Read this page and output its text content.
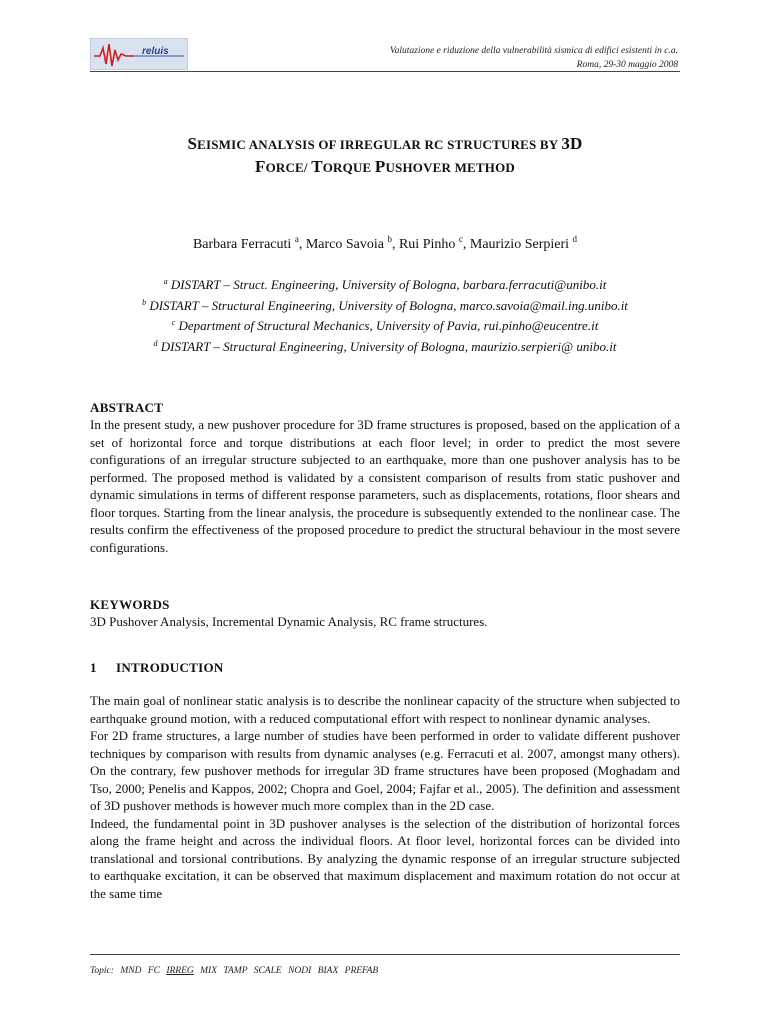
reluis	Valutazione e riduzione della vulnerabilità sismica di edifici esistenti in c.a.
Roma, 29-30 maggio 2008
SEISMIC ANALYSIS OF IRREGULAR RC STRUCTURES BY 3D
FORCE/ TORQUE PUSHOVER METHOD
Barbara Ferracuti $^a$, Marco Savoia $^b$, Rui Pinho $^c$, Maurizio Serpieri $^d$
$^a$ DISTART – Struct. Engineering, University of Bologna, barbara.ferracuti@unibo.it
$^b$ DISTART – Structural Engineering, University of Bologna, marco.savoia@mail.ing.unibo.it
$^c$ Department of Structural Mechanics, University of Pavia, rui.pinho@eucentre.it
$^d$ DISTART – Structural Engineering, University of Bologna, maurizio.serpieri@ unibo.it

ABSTRACT

In the present study, a new pushover procedure for 3D frame structures is proposed, based on the application of a set of horizontal force and torque distributions at each floor level; in order to predict the most severe configurations of an irregular structure subjected to an earthquake, more than one pushover analysis has to be performed. The proposed method is validated by a consistent comparison of results from static pushover and dynamic simulations in terms of different response parameters, such as displacements, rotations, floor shears and floor torques. Starting from the linear analysis, the procedure is subsequently extended to the nonlinear case. The results confirm the effectiveness of the proposed procedure to predict the structural behaviour in the most severe configurations.

KEYWORDS

3D Pushover Analysis, Incremental Dynamic Analysis, RC frame structures.

1 INTRODUCTION

The main goal of nonlinear static analysis is to describe the nonlinear capacity of the structure when subjected to earthquake ground motion, with a reduced computational effort with respect to nonlinear dynamic analyses.

For 2D frame structures, a large number of studies have been performed in order to validate different pushover techniques by comparison with results from dynamic analyses (e.g. Ferracuti et al. 2007, amongst many others). On the contrary, few pushover methods for irregular 3D frame structures have been proposed (Moghadam and Tso, 2000; Penelis and Kappos, 2002; Chopra and Goel, 2004; Fajfar et al., 2005). The definition and assessment of 3D pushover methods is however much more complex than in the 2D case.

Indeed, the fundamental point in 3D pushover analyses is the selection of the distribution of horizontal forces along the frame height and across the individual floors. At floor level, horizontal forces can be divided into translational and torsional contributions. By analyzing the dynamic response of an irregular structure subjected to earthquake excitation, it can be observed that maximum displacement and maximum rotation do not occur at the same time

Topic: MND FC IRREG MIX TAMP SCALE NODI BIAX PREFAB
